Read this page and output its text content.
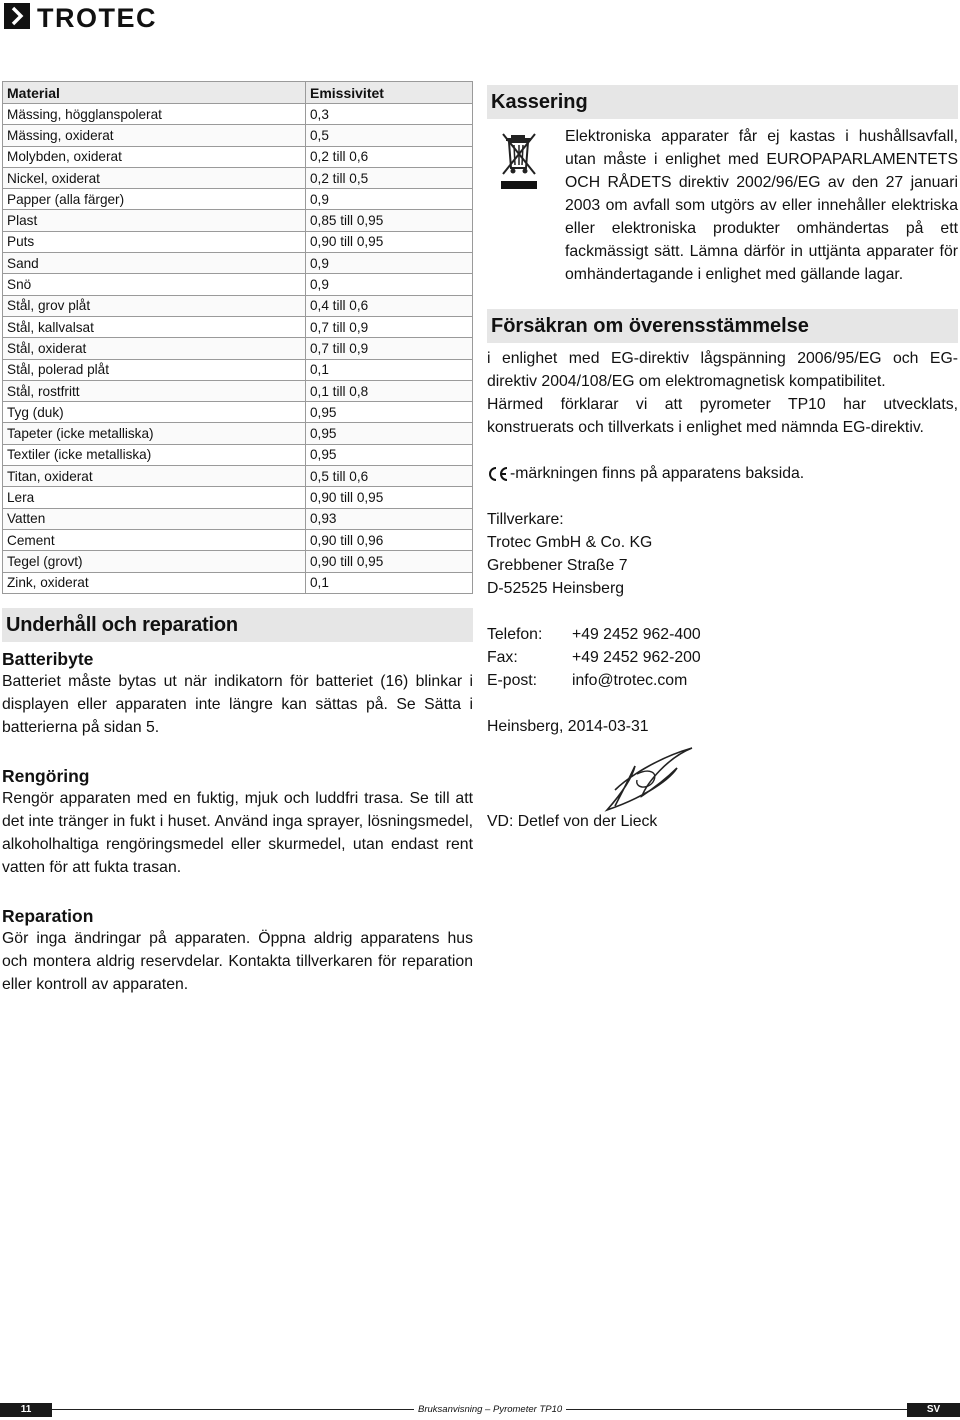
TROTEC
Material	Emissivitet
Mässing, högglanspolerat	0,3
Mässing, oxiderat	0,5
Molybden, oxiderat	0,2 till 0,6
Nickel, oxiderat	0,2 till 0,5
Papper (alla färger)	0,9
Plast	0,85 till 0,95
Puts	0,90 till 0,95
Sand	0,9
Snö	0,9
Stål, grov plåt	0,4 till 0,6
Stål, kallvalsat	0,7 till 0,9
Stål, oxiderat	0,7 till 0,9
Stål, polerad plåt	0,1
Stål, rostfritt	0,1 till 0,8
Tyg (duk)	0,95
Tapeter (icke metalliska)	0,95
Textiler (icke metalliska)	0,95
Titan, oxiderat	0,5 till 0,6
Lera	0,90 till 0,95
Vatten	0,93
Cement	0,90 till 0,96
Tegel (grovt)	0,90 till 0,95
Zink, oxiderat	0,1
Underhåll och reparation
Batteribyte

Batteriet måste bytas ut när indikatorn för batteriet (16) blinkar i displayen eller apparaten inte längre kan sättas på. Se Sätta i batterierna på sidan 5.

Rengöring

Rengör apparaten med en fuktig, mjuk och luddfri trasa. Se till att det inte tränger in fukt i huset. Använd inga sprayer, lösningsmedel, alkoholhaltiga rengöringsmedel eller skurmedel, utan endast rent vatten för att fukta trasan.

Reparation

Gör inga ändringar på apparaten. Öppna aldrig apparatens hus och montera aldrig reservdelar. Kontakta tillverkaren för reparation eller kontroll av apparaten.

Kassering
Elektroniska apparater får ej kastas i hushållsavfall, utan måste i enlighet med EUROPAPARLAMENTETS OCH RÅDETS direktiv 2002/96/EG av den 27 januari 2003 om avfall som utgörs av eller innehåller elektriska eller elektroniska produkter omhändertas på ett fackmässigt sätt. Lämna därför in uttjänta apparater för omhändertagande i enlighet med gällande lagar.
Försäkran om överensstämmelse

i enlighet med EG-direktiv lågspänning 2006/95/EG och EG-direktiv 2004/108/EG om elektromagnetisk kompatibilitet.

Härmed förklarar vi att pyrometer TP10 har utvecklats, konstruerats och tillverkats i enlighet med nämnda EG-direktiv.

-märkningen finns på apparatens baksida.
Tillverkare:
Trotec GmbH & Co. KG
Grebbener Straße 7
D-52525 Heinsberg
Telefon:	+49 2452 962-400
Fax:	+49 2452 962-200
E-post:	info@trotec.com
Heinsberg, 2014-03-31
VD: Detlef von der Lieck
11	Bruksanvisning – Pyrometer TP10	SV
